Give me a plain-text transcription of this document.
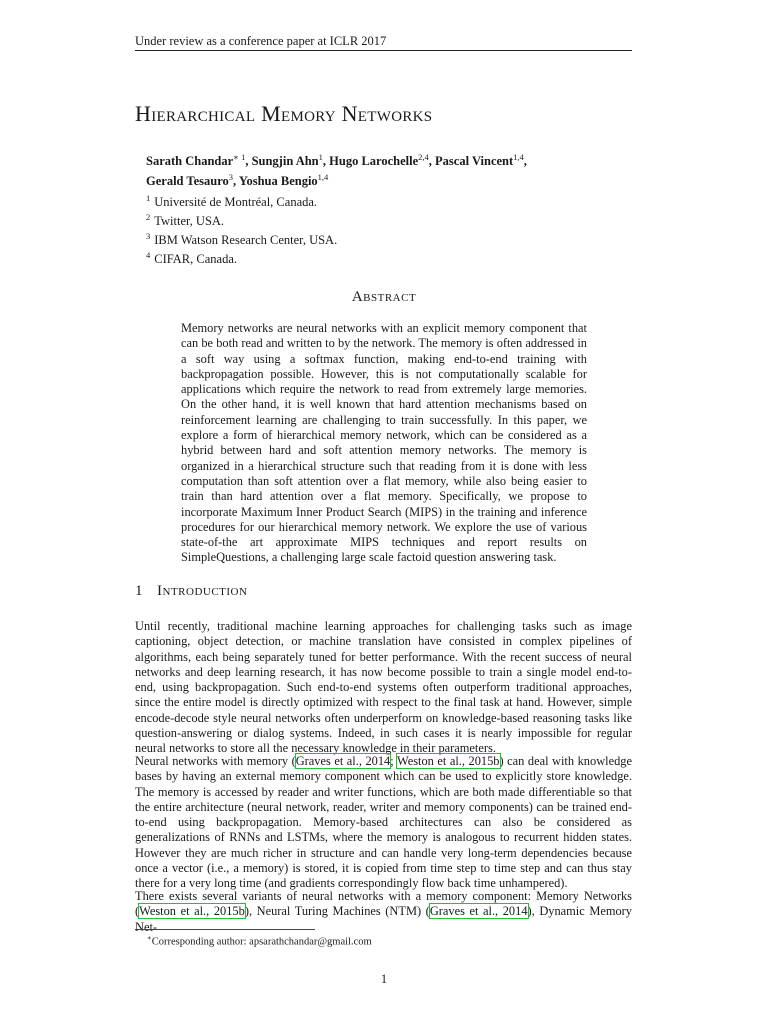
Under review as a conference paper at ICLR 2017
Hierarchical Memory Networks
Sarath Chandar$^{∗ 1}$, Sungjin Ahn$^1$, Hugo Larochelle$^{2,4}$, Pascal Vincent$^{1,4}$,
Gerald Tesauro$^3$, Yoshua Bengio$^{1,4}$
$^1$ Université de Montréal, Canada.
$^2$ Twitter, USA.
$^3$ IBM Watson Research Center, USA.
$^4$ CIFAR, Canada.
Abstract
Memory networks are neural networks with an explicit memory component that can be both read and written to by the network. The memory is often addressed in a soft way using a softmax function, making end-to-end training with backpropagation possible. However, this is not computationally scalable for applications which require the network to read from extremely large memories. On the other hand, it is well known that hard attention mechanisms based on reinforcement learning are challenging to train successfully. In this paper, we explore a form of hierarchical memory network, which can be considered as a hybrid between hard and soft attention memory networks. The memory is organized in a hierarchical structure such that reading from it is done with less computation than soft attention over a flat memory, while also being easier to train than hard attention over a flat memory. Specifically, we propose to incorporate Maximum Inner Product Search (MIPS) in the training and inference procedures for our hierarchical memory network. We explore the use of various state-of-the art approximate MIPS techniques and report results on SimpleQuestions, a challenging large scale factoid question answering task.
1 Introduction
Until recently, traditional machine learning approaches for challenging tasks such as image captioning, object detection, or machine translation have consisted in complex pipelines of algorithms, each being separately tuned for better performance. With the recent success of neural networks and deep learning research, it has now become possible to train a single model end-to-end, using backpropagation. Such end-to-end systems often outperform traditional approaches, since the entire model is directly optimized with respect to the final task at hand. However, simple encode-decode style neural networks often underperform on knowledge-based reasoning tasks like question-answering or dialog systems. Indeed, in such cases it is nearly impossible for regular neural networks to store all the necessary knowledge in their parameters.
Neural networks with memory (Graves et al., 2014; Weston et al., 2015b) can deal with knowledge bases by having an external memory component which can be used to explicitly store knowledge. The memory is accessed by reader and writer functions, which are both made differentiable so that the entire architecture (neural network, reader, writer and memory components) can be trained end-to-end using backpropagation. Memory-based architectures can also be considered as generalizations of RNNs and LSTMs, where the memory is analogous to recurrent hidden states. However they are much richer in structure and can handle very long-term dependencies because once a vector (i.e., a memory) is stored, it is copied from time step to time step and can thus stay there for a very long time (and gradients correspondingly flow back time unhampered).
There exists several variants of neural networks with a memory component: Memory Networks (Weston et al., 2015b), Neural Turing Machines (NTM) (Graves et al., 2014), Dynamic Memory Net-
∗Corresponding author: apsarathchandar@gmail.com
1
